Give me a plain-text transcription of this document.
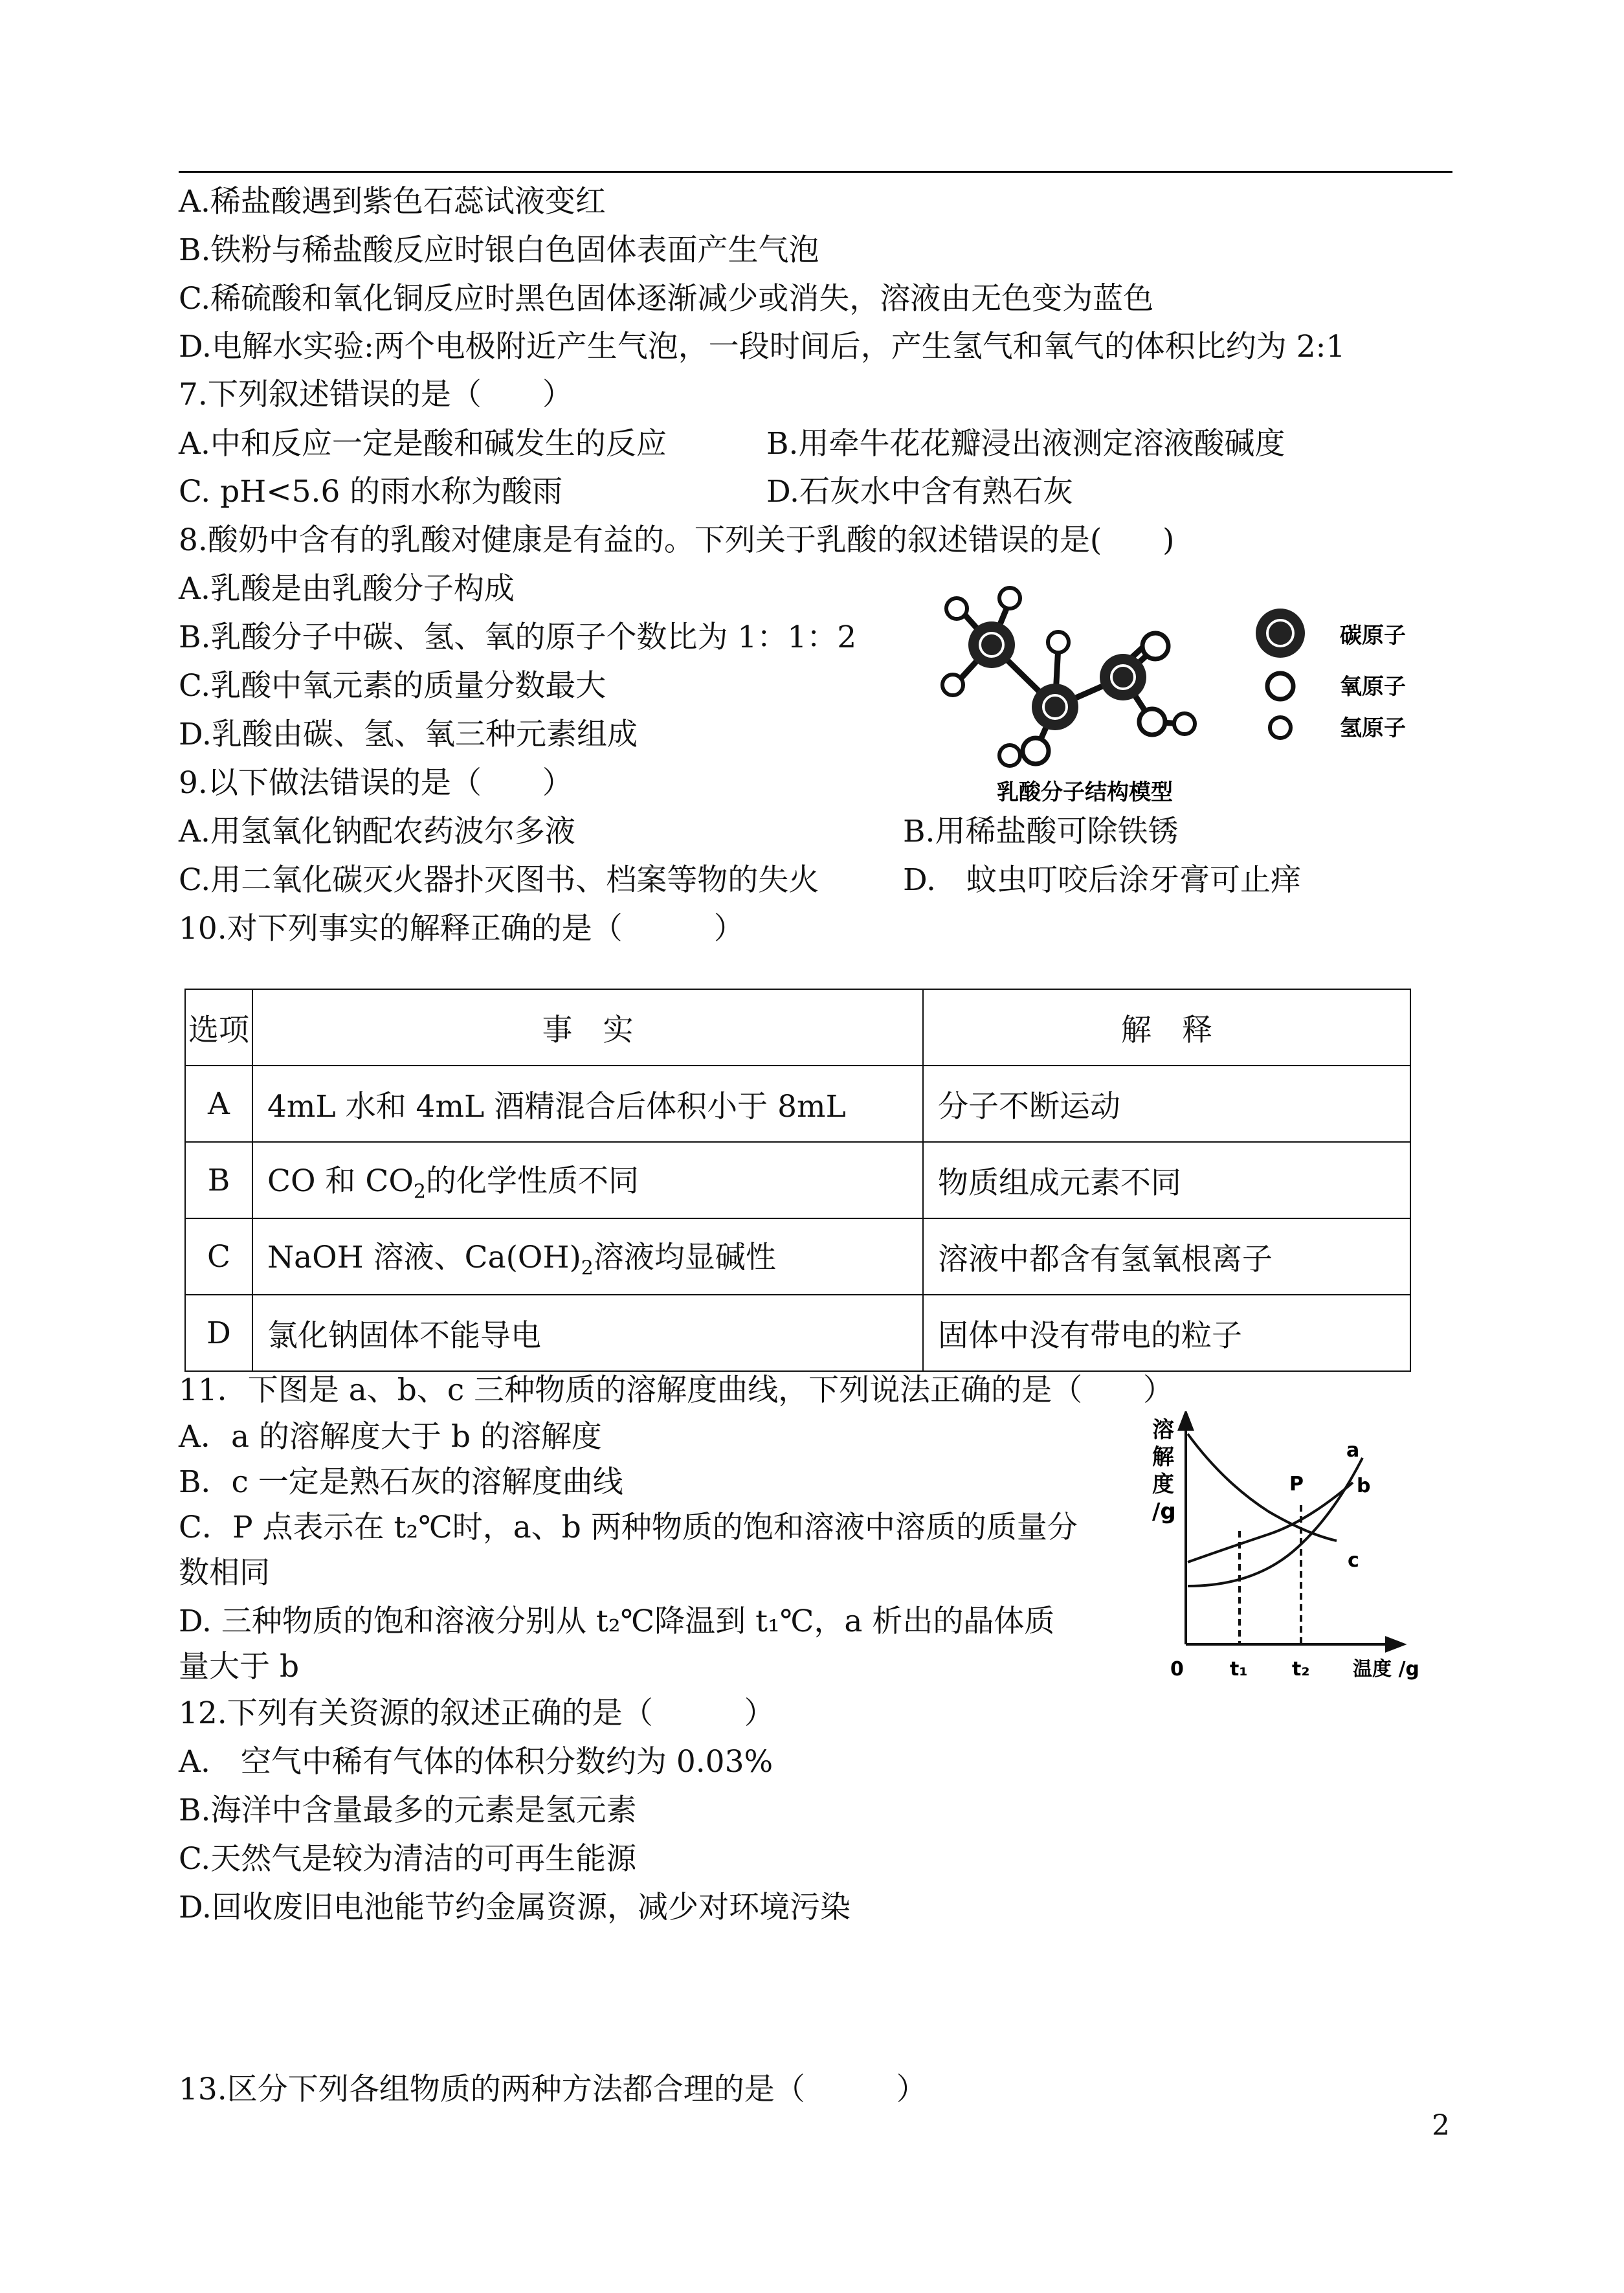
A.稀盐酸遇到紫色石蕊试液变红
B.铁粉与稀盐酸反应时银白色固体表面产生气泡
C.稀硫酸和氧化铜反应时黑色固体逐渐减少或消失，溶液由无色变为蓝色
D.电解水实验:两个电极附近产生气泡，一段时间后，产生氢气和氧气的体积比约为 2:1
7.下列叙述错误的是（　　）
A.中和反应一定是酸和碱发生的反应	B.用牵牛花花瓣浸出液测定溶液酸碱度
C. pH<5.6 的雨水称为酸雨	D.石灰水中含有熟石灰
8.酸奶中含有的乳酸对健康是有益的。下列关于乳酸的叙述错误的是(　　)
A.乳酸是由乳酸分子构成
B.乳酸分子中碳、氢、氧的原子个数比为 1：1：2
C.乳酸中氧元素的质量分数最大
D.乳酸由碳、氢、氧三种元素组成
碳原子
氧原子
氢原子
乳酸分子结构模型
9.以下做法错误的是（　　）
A.用氢氧化钠配农药波尔多液	B.用稀盐酸可除铁锈
C.用二氧化碳灭火器扑灭图书、档案等物的失火	D.　蚊虫叮咬后涂牙膏可止痒
10.对下列事实的解释正确的是（　　　）
选项	事　实	解　释
A	4mL 水和 4mL 酒精混合后体积小于 8mL	分子不断运动
B	CO 和 $CO_2$的化学性质不同	物质组成元素不同
C	NaOH 溶液、$Ca(OH)_2$溶液均显碱性	溶液中都含有氢氧根离子
D	氯化钠固体不能导电	固体中没有带电的粒子
11．下图是 a、b、c 三种物质的溶解度曲线，下列说法正确的是（　　）
A．a 的溶解度大于 b 的溶解度
B．c 一定是熟石灰的溶解度曲线
C．P 点表示在 t₂℃时，a、b 两种物质的饱和溶液中溶质的质量分
数相同
D. 三种物质的饱和溶液分别从 t₂℃降温到 t₁℃，a 析出的晶体质
量大于 b
溶
解
度
/g
a
b
c
P
0 t₁ t₂ 温度 /g
12.下列有关资源的叙述正确的是（　　　）
A.　空气中稀有气体的体积分数约为 0.03%
B.海洋中含量最多的元素是氢元素
C.天然气是较为清洁的可再生能源
D.回收废旧电池能节约金属资源，减少对环境污染
13.区分下列各组物质的两种方法都合理的是（　　　）
2
